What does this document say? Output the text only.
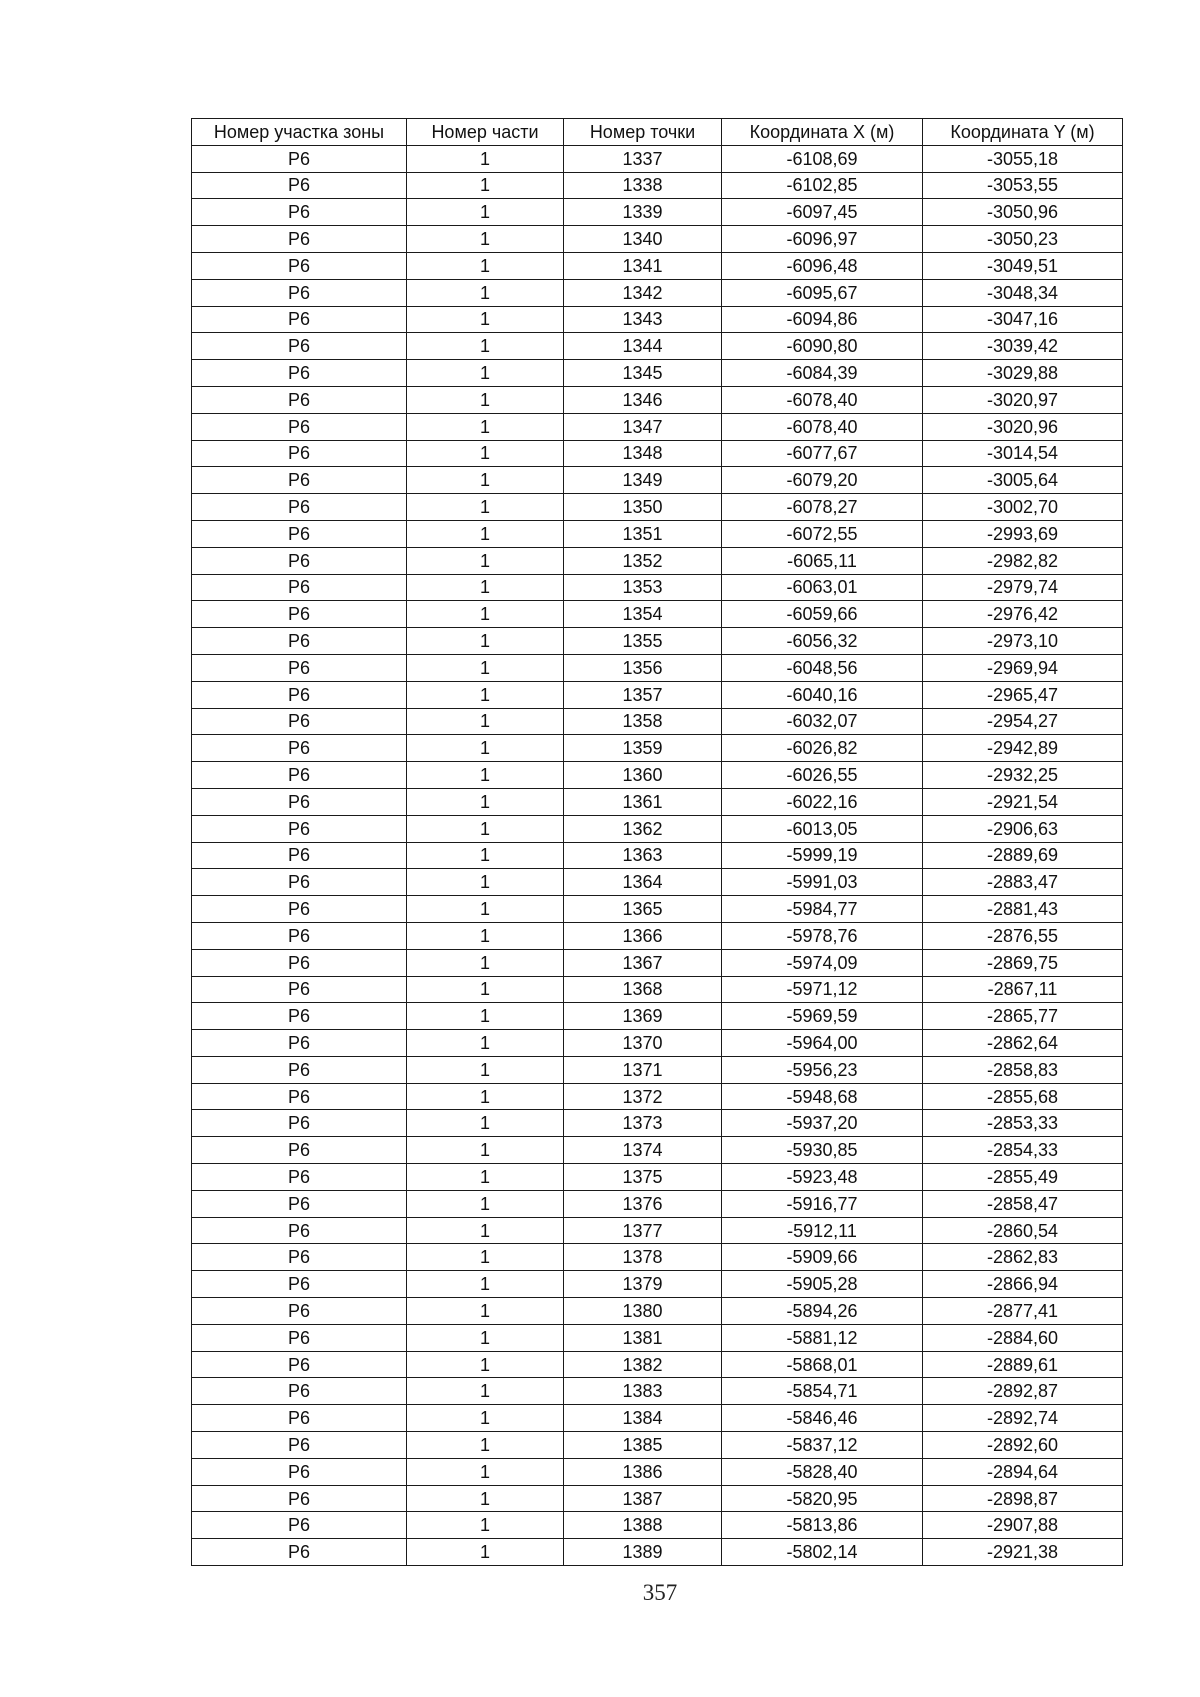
Номер участка зоны	Номер части	Номер точки	Координата X (м)	Координата Y (м)
Р6	1	1337	-6108,69	-3055,18
Р6	1	1338	-6102,85	-3053,55
Р6	1	1339	-6097,45	-3050,96
Р6	1	1340	-6096,97	-3050,23
Р6	1	1341	-6096,48	-3049,51
Р6	1	1342	-6095,67	-3048,34
Р6	1	1343	-6094,86	-3047,16
Р6	1	1344	-6090,80	-3039,42
Р6	1	1345	-6084,39	-3029,88
Р6	1	1346	-6078,40	-3020,97
Р6	1	1347	-6078,40	-3020,96
Р6	1	1348	-6077,67	-3014,54
Р6	1	1349	-6079,20	-3005,64
Р6	1	1350	-6078,27	-3002,70
Р6	1	1351	-6072,55	-2993,69
Р6	1	1352	-6065,11	-2982,82
Р6	1	1353	-6063,01	-2979,74
Р6	1	1354	-6059,66	-2976,42
Р6	1	1355	-6056,32	-2973,10
Р6	1	1356	-6048,56	-2969,94
Р6	1	1357	-6040,16	-2965,47
Р6	1	1358	-6032,07	-2954,27
Р6	1	1359	-6026,82	-2942,89
Р6	1	1360	-6026,55	-2932,25
Р6	1	1361	-6022,16	-2921,54
Р6	1	1362	-6013,05	-2906,63
Р6	1	1363	-5999,19	-2889,69
Р6	1	1364	-5991,03	-2883,47
Р6	1	1365	-5984,77	-2881,43
Р6	1	1366	-5978,76	-2876,55
Р6	1	1367	-5974,09	-2869,75
Р6	1	1368	-5971,12	-2867,11
Р6	1	1369	-5969,59	-2865,77
Р6	1	1370	-5964,00	-2862,64
Р6	1	1371	-5956,23	-2858,83
Р6	1	1372	-5948,68	-2855,68
Р6	1	1373	-5937,20	-2853,33
Р6	1	1374	-5930,85	-2854,33
Р6	1	1375	-5923,48	-2855,49
Р6	1	1376	-5916,77	-2858,47
Р6	1	1377	-5912,11	-2860,54
Р6	1	1378	-5909,66	-2862,83
Р6	1	1379	-5905,28	-2866,94
Р6	1	1380	-5894,26	-2877,41
Р6	1	1381	-5881,12	-2884,60
Р6	1	1382	-5868,01	-2889,61
Р6	1	1383	-5854,71	-2892,87
Р6	1	1384	-5846,46	-2892,74
Р6	1	1385	-5837,12	-2892,60
Р6	1	1386	-5828,40	-2894,64
Р6	1	1387	-5820,95	-2898,87
Р6	1	1388	-5813,86	-2907,88
Р6	1	1389	-5802,14	-2921,38
357
